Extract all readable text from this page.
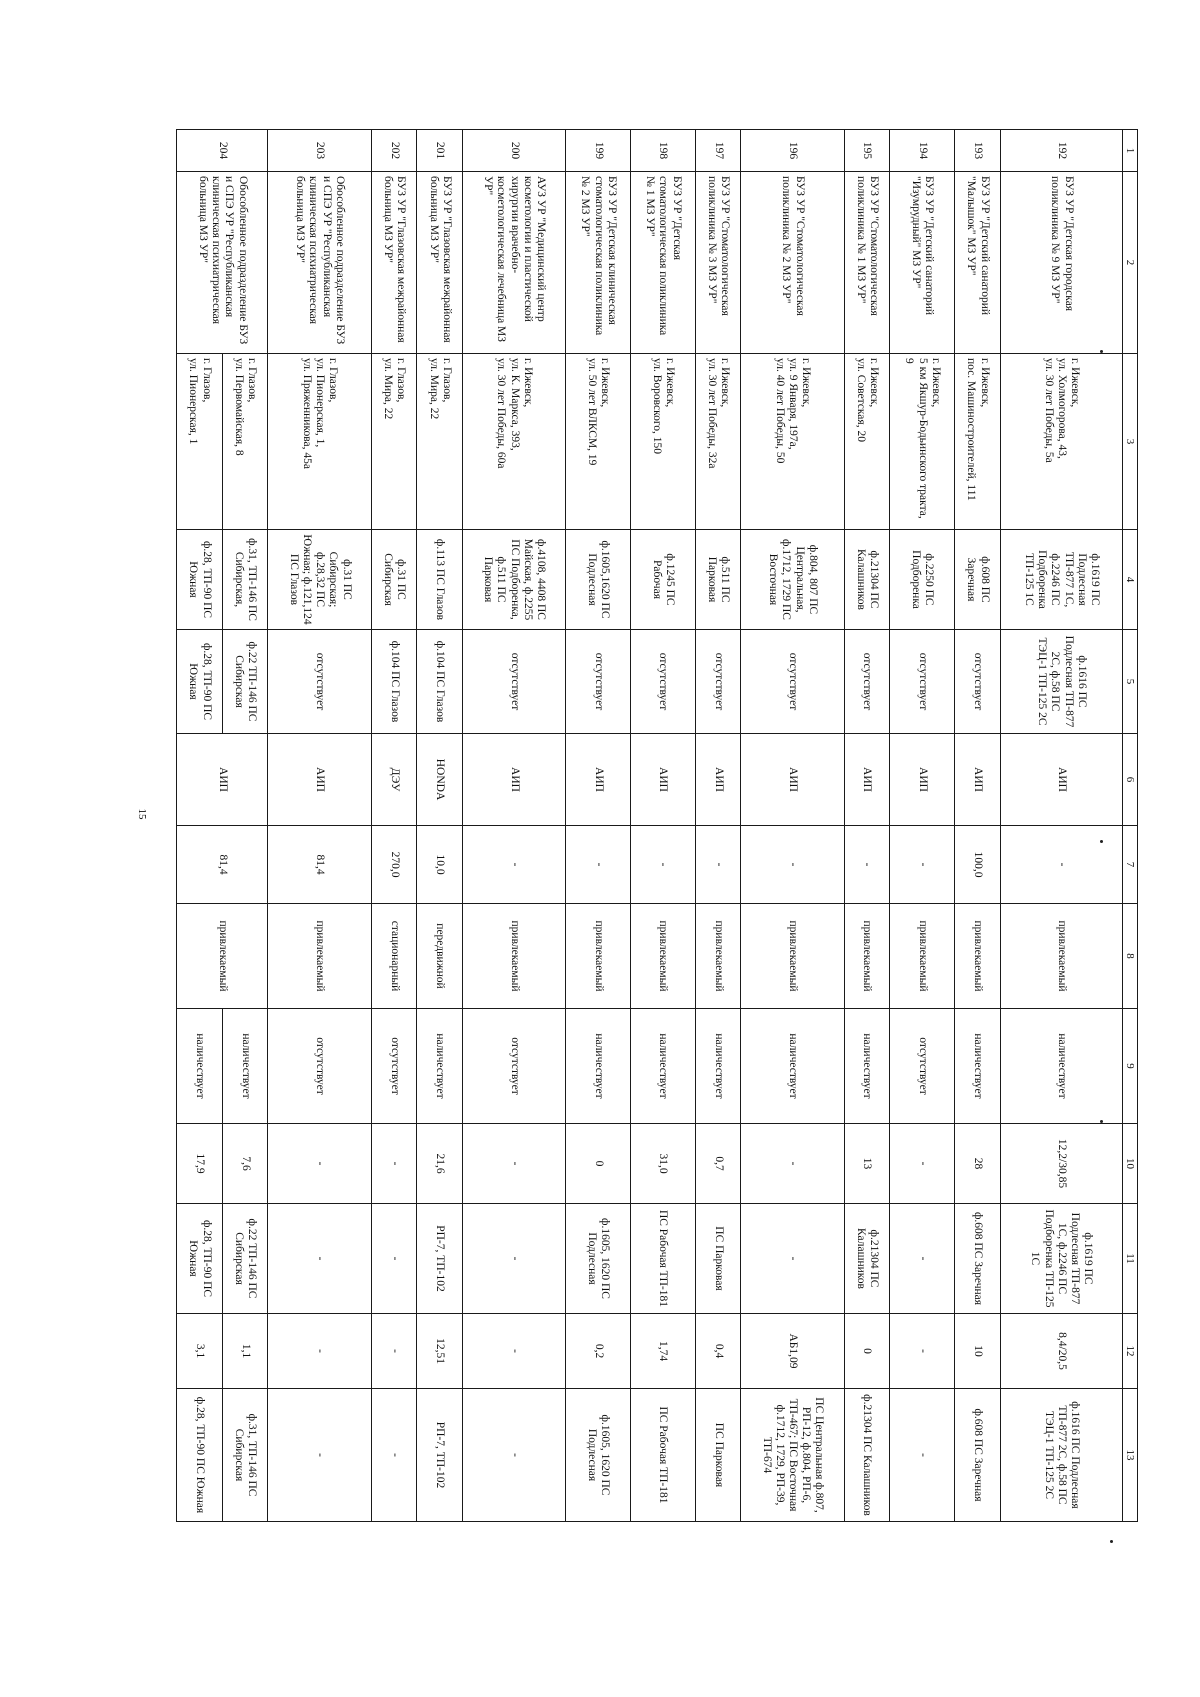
15
1	2	3	4	5	6	7	8	9	10	11	12	13
192	БУЗ УР "Детская городская поликлиника № 9 МЗ УР"	г. Ижевск,
ул. Холмогорова, 43,
ул. 30 лет Победы, 5а	ф.1619 ПС Подлесная ТП-877 1С, ф.2246 ПС Подборенка ТП-125 1С	ф.1616 ПС Подлесная ТП-877 2С, ф.58 ПС ТЭЦ-1 ТП-125 2С	АИП	-	привлекаемый	наличествует	12,2/30,85	ф.1619 ПС Подлесная ТП-877 1С, ф.2246 ПС Подборенка ТП-125 1С	8,4/20,5	ф.1616 ПС Подлесная ТП-877 2С, ф.58 ПС ТЭЦ-1 ТП-125 2С
193	БУЗ УР "Детский санаторий "Малышок" МЗ УР"	г. Ижевск,
пос. Машиностроителей, 111	ф.608 ПС Заречная	отсутствует	АИП	100,0	привлекаемый	наличествует	28	ф.608 ПС Заречная	10	ф.608 ПС Заречная
194	БУЗ УР "Детский санаторий "Изумрудный" МЗ УР"	г. Ижевск,
5 км Якшур-Бодьинского тракта, 9	ф.2250 ПС Подборенка	отсутствует	АИП	-	привлекаемый	отсутствует	-	-	-	-
195	БУЗ УР "Стоматологическая поликлиника № 1 МЗ УР"	г. Ижевск,
ул. Советская, 20	ф.21304 ПС Калашников	отсутствует	АИП	-	привлекаемый	наличествует	13	ф.21304 ПС Калашников	0	ф.21304 ПС Калашников
196	БУЗ УР "Стоматологическая поликлиника № 2 МЗ УР"	г. Ижевск,
ул. 9 Января, 197а,
ул. 40 лет Победы, 50	ф.804, 807 ПС Центральная, ф.1712, 1729 ПС Восточная	отсутствует	АИП	-	привлекаемый	наличествует	-	-	АБ1,09	ПС Центральная ф.807, РП-12, ф.804, РП-6, ТП-467; ПС Восточная ф.1712, 1729, РП-39, ТП-674
197	БУЗ УР "Стоматологическая поликлиника № 3 МЗ УР"	г. Ижевск,
ул. 30 лет Победы, 32а	ф.511 ПС Парковая	отсутствует	АИП	-	привлекаемый	наличествует	0,7	ПС Парковая	0,4	ПС Парковая
198	БУЗ УР "Детская стоматологическая поликлиника № 1 МЗ УР"	г. Ижевск,
ул. Воровского, 150	ф.1245 ПС Рабочая	отсутствует	АИП	-	привлекаемый	наличествует	31,0	ПС Рабочая ТП-181	1,74	ПС Рабочая ТП-181
199	БУЗ УР "Детская клиническая стоматологическая поликлиника № 2 МЗ УР"	г. Ижевск,
ул. 50 лет ВЛКСМ, 19	ф.1605,1620 ПС Подлесная	отсутствует	АИП	-	привлекаемый	наличествует	0	ф.1605, 1620 ПС Подлесная	0,2	ф.1605, 1620 ПС Подлесная
200	АУЗ УР "Медицинский центр косметологии и пластической хирургии врачебно-косметологическая лечебница МЗ УР"	г. Ижевск,
ул. К. Маркса, 393,
ул. 30 лет Победы, 60а	ф.4108, 4408 ПС Майская, ф.2255 ПС Подборенка, ф.511 ПС Парковая	отсутствует	АИП	-	привлекаемый	отсутствует	-	-	-	-
201	БУЗ УР "Глазовская межрайонная больница МЗ УР"	г. Глазов,
ул. Мира, 22	ф.113 ПС Глазов	ф.104 ПС Глазов	HONDA	10,0	передвижной	наличествует	21,6	РП-7, ТП-102	12,51	РП-7, ТП-102
202	БУЗ УР "Глазовская межрайонная больница МЗ УР"	г. Глазов,
ул. Мира, 22	ф.31 ПС Сибирская	ф.104 ПС Глазов	ДЭУ	270,0	стационарный	отсутствует	-	-	-	-
203	Обособленное подразделение БУЗ и СПЭ УР "Республиканская клиническая психиатрическая больница МЗ УР"	г. Глазов,
ул. Пионерская, 1,
ул. Пряженникова, 45а	ф.31 ПС Сибирская; ф.28,32 ПС Южная; ф.121,124 ПС Глазов	отсутствует	АИП	81,4	привлекаемый	отсутствует	-	-	-	-
204	Обособленное подразделение БУЗ и СПЭ УР "Республиканская клиническая психиатрическая больница МЗ УР"	г. Глазов,
ул. Первомайская, 8	ф.31, ТП-146 ПС Сибирская,	ф.22 ТП-146 ПС Сибирская	АИП	81,4	привлекаемый	наличествует	7,6	ф.22 ТП-146 ПС Сибирская	1,1	ф.31, ТП-146 ПС Сибирская
		г. Глазов,
ул. Пионерская, 1	ф.28, ТП-90 ПС Южная	ф.28, ТП-90 ПС Южная				наличествует	17,9	ф.28, ТП-90 ПС Южная	3,1	ф.28, ТП-90 ПС Южная
